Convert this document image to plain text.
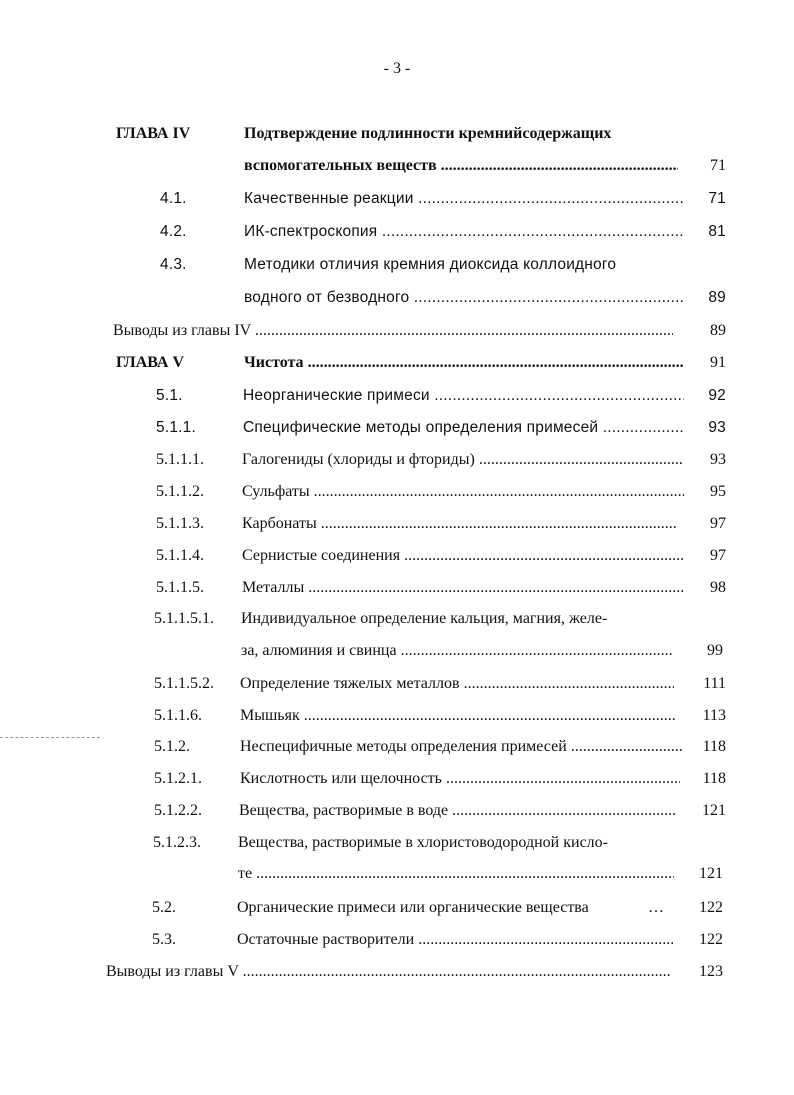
- 3 -
ГЛАВА IV	Подтверждение подлинности кремнийсодержащих
вспомогательных веществ .....	71
4.1.	Качественные реакции .....	71
4.2.	ИК-спектроскопия .....	81
4.3.	Методики отличия кремния диоксида коллоидного
водного от безводного .....	89
Выводы из главы IV .....	89
ГЛАВА V	Чистота .....	91
5.1.	Неорганические примеси .....	92
5.1.1.	Специфические методы определения примесей .....	93
5.1.1.1. Галогениды (хлориды и фториды) .....	93
5.1.1.2. Сульфаты .....	95
5.1.1.3. Карбонаты .....	97
5.1.1.4. Сернистые соединения .....	97
5.1.1.5. Металлы .....	98
5.1.1.5.1. Индивидуальное определение кальция, магния, желе-
за, алюминия и свинца .....	99
5.1.1.5.2. Определение тяжелых металлов .....	111
5.1.1.6. Мышьяк .....	113
5.1.2.	Неспецифичные методы определения примесей .....	118
5.1.2.1. Кислотность или щелочность .....	118
5.1.2.2. Вещества, растворимые в воде .....	121
5.1.2.3. Вещества, растворимые в хлористоводородной кисло-
те .....	121
5.2.	Органические примеси или органические вещества	…	122
5.3.	Остаточные растворители .....	122
Выводы из главы V .....	123
